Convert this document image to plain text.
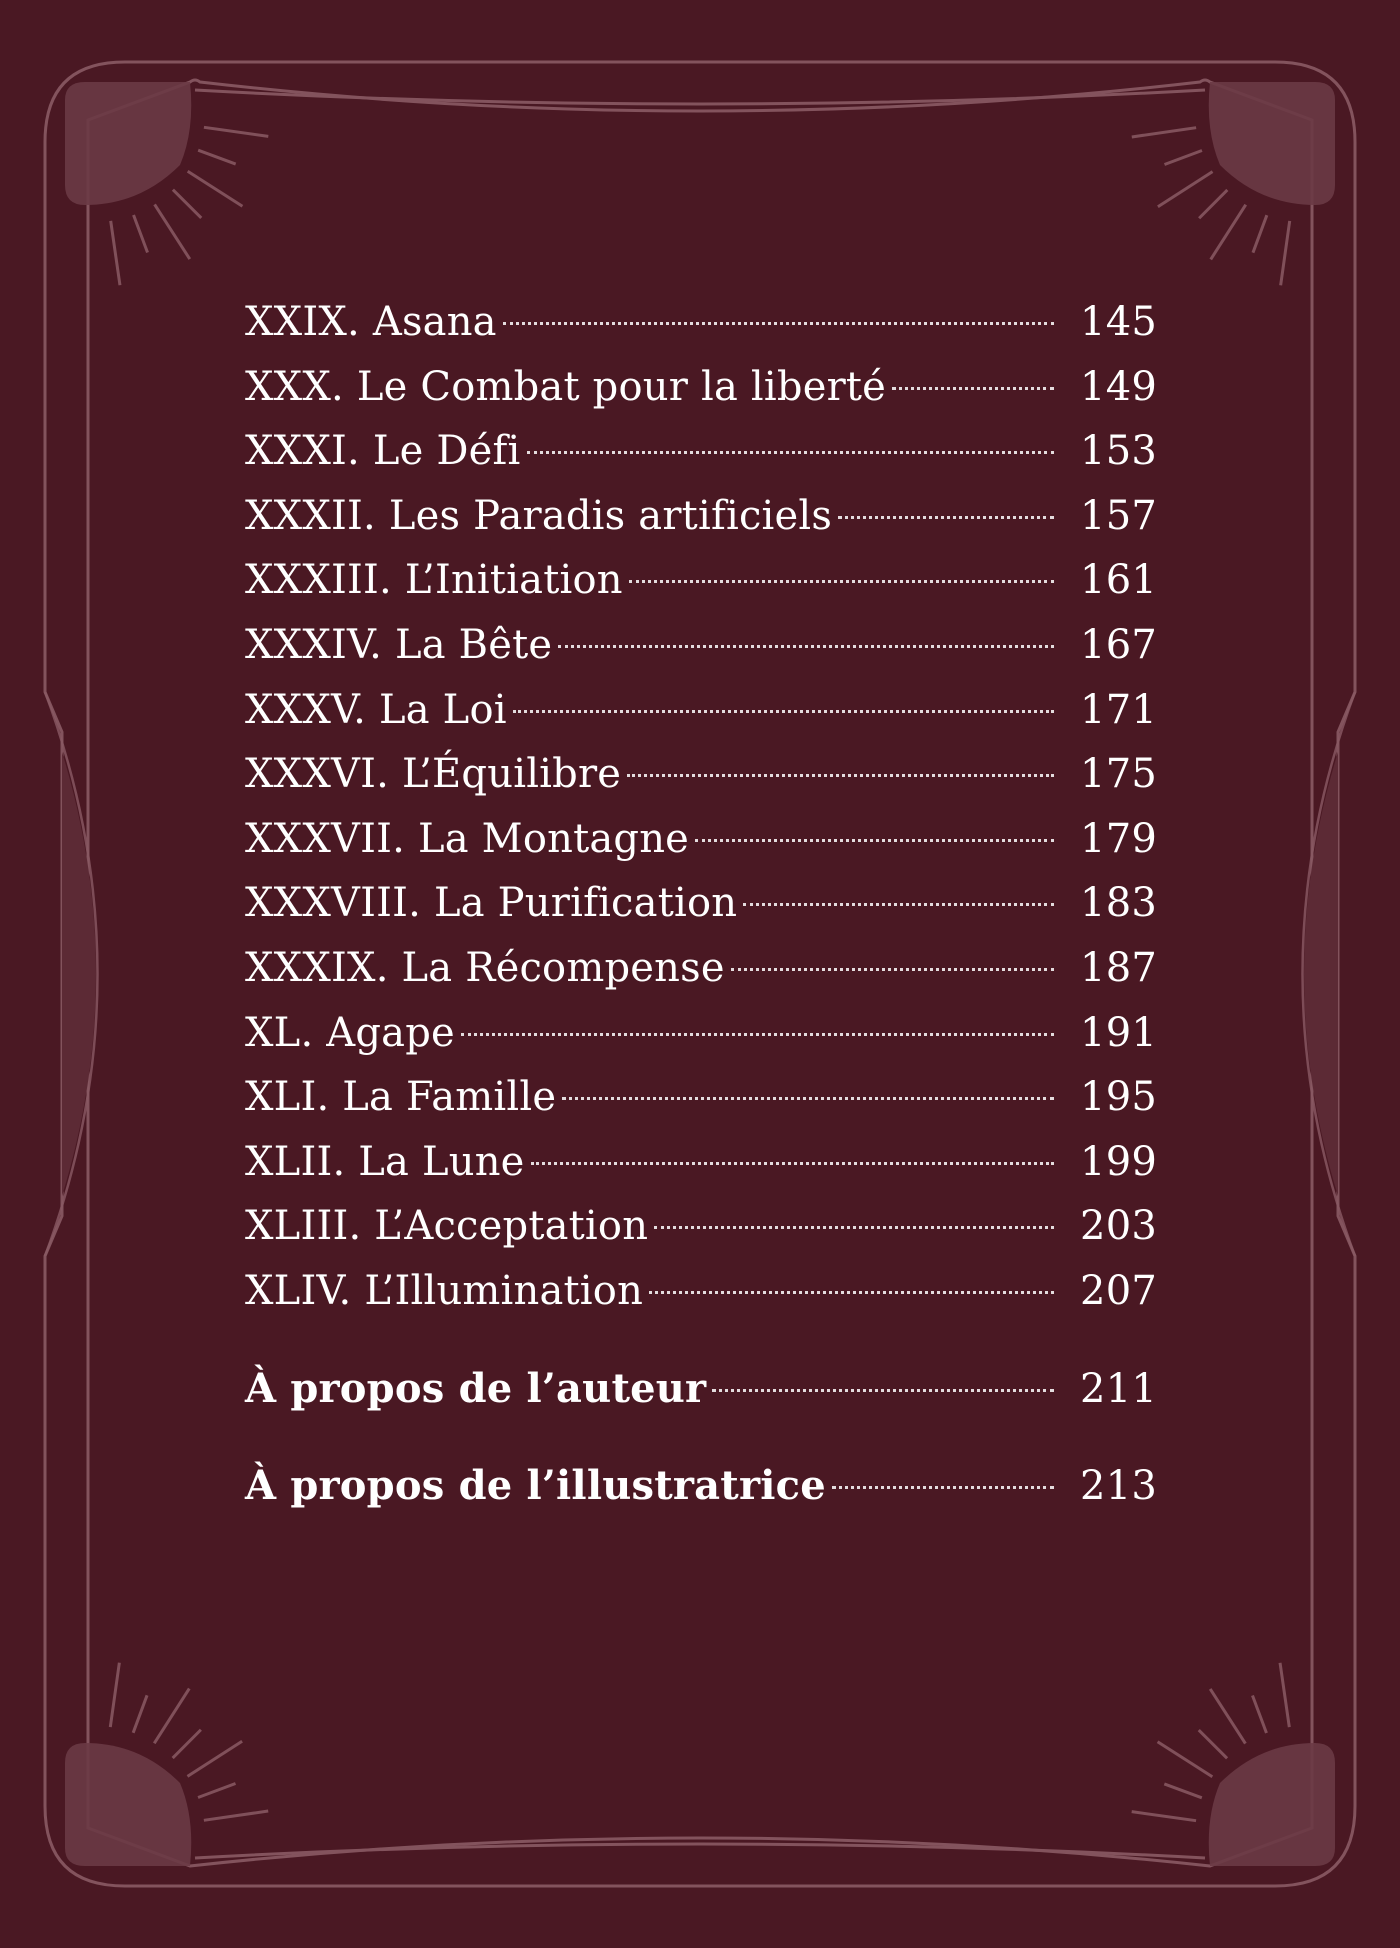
XXIX. Asana	145
XXX. Le Combat pour la liberté	149
XXXI. Le Défi	153
XXXII. Les Paradis artificiels	157
XXXIII. L’Initiation	161
XXXIV. La Bête	167
XXXV. La Loi	171
XXXVI. L’Équilibre	175
XXXVII. La Montagne	179
XXXVIII. La Purification	183
XXXIX. La Récompense	187
XL. Agape	191
XLI. La Famille	195
XLII. La Lune	199
XLIII. L’Acceptation	203
XLIV. L’Illumination	207
À propos de l’auteur	211
À propos de l’illustratrice	213
